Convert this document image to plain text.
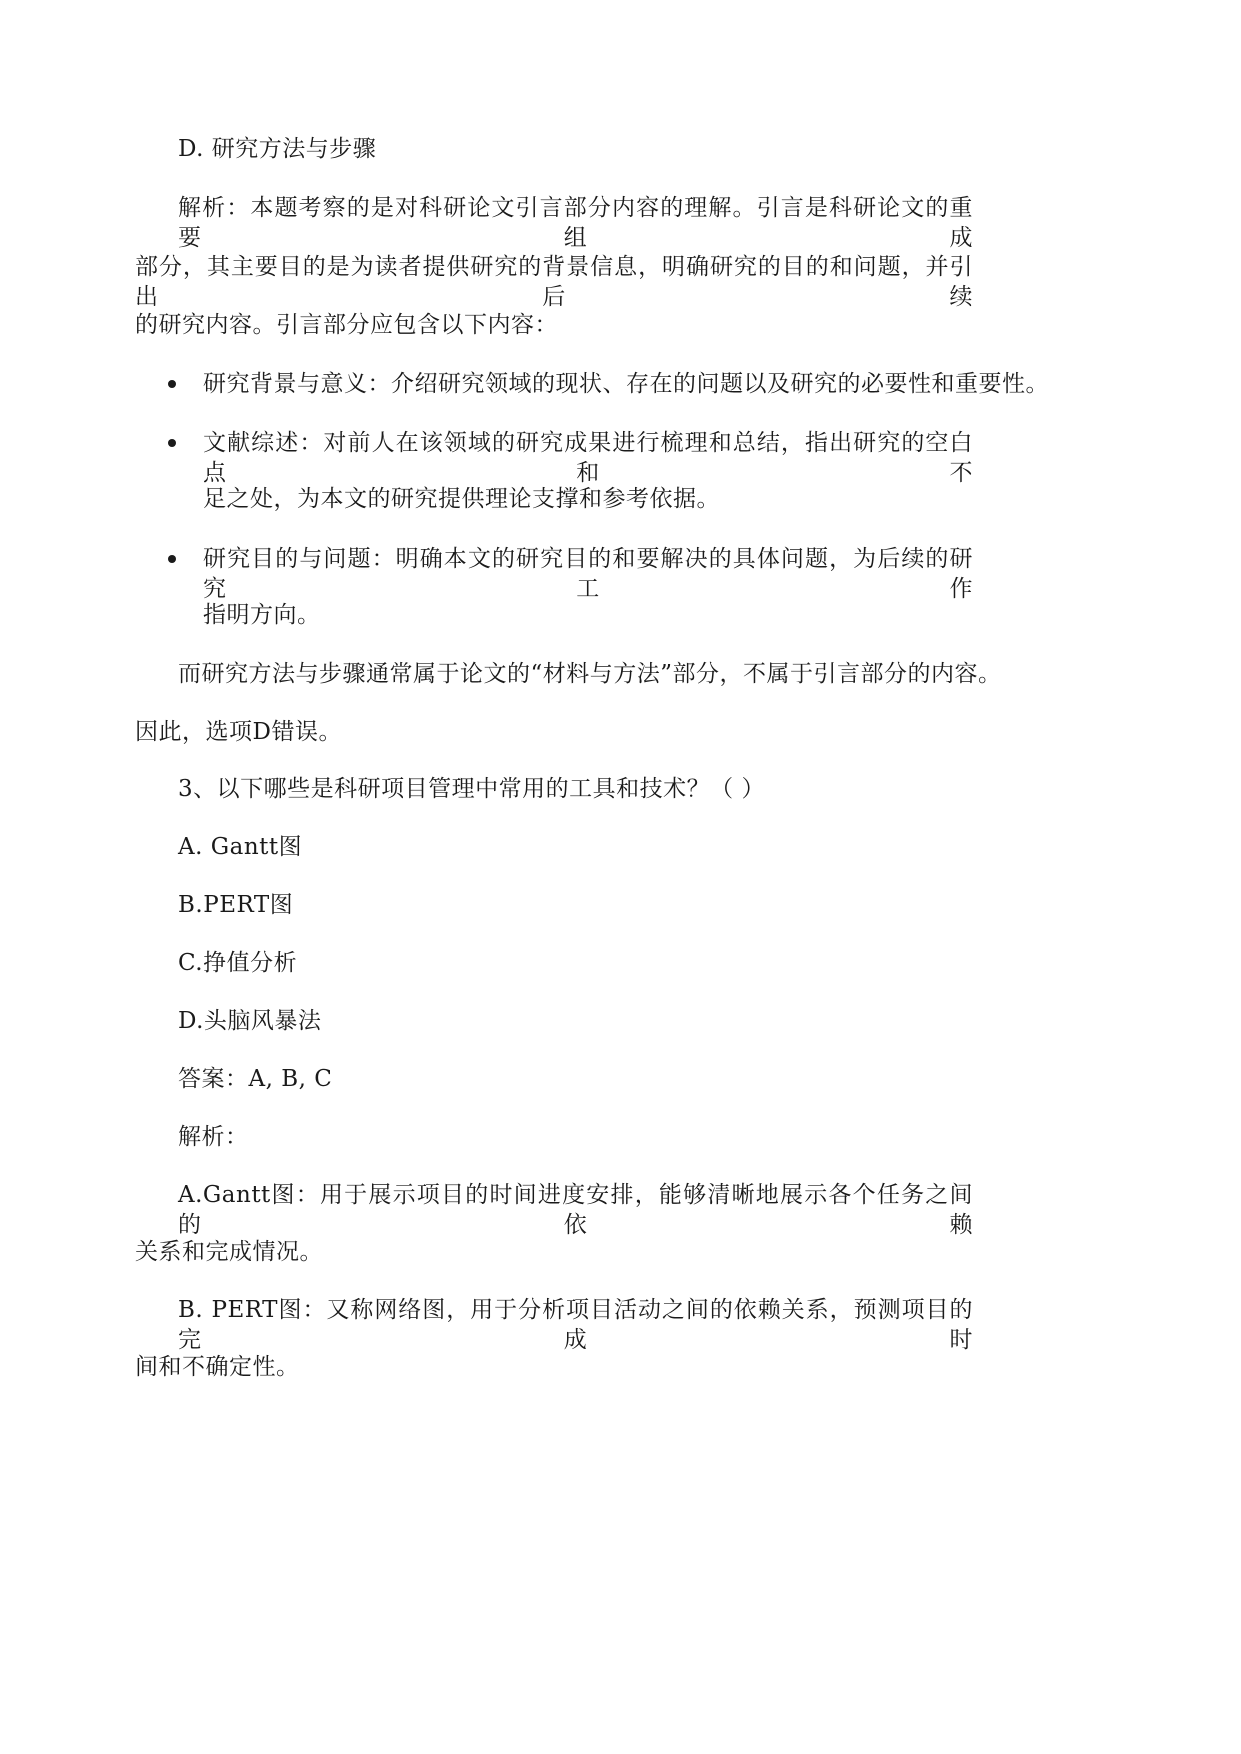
D. 研究方法与步骤
解析：本题考察的是对科研论文引言部分内容的理解。引言是科研论文的重要组成
部分，其主要目的是为读者提供研究的背景信息，明确研究的目的和问题，并引出后续
的研究内容。引言部分应包含以下内容：
研究背景与意义：介绍研究领域的现状、存在的问题以及研究的必要性和重要性。
文献综述：对前人在该领域的研究成果进行梳理和总结，指出研究的空白点和不
足之处，为本文的研究提供理论支撑和参考依据。
研究目的与问题：明确本文的研究目的和要解决的具体问题，为后续的研究工作
指明方向。
而研究方法与步骤通常属于论文的“材料与方法”部分，不属于引言部分的内容。
因此，选项D错误。
3、以下哪些是科研项目管理中常用的工具和技术？（ ）
A. Gantt图
B.PERT图
C.挣值分析
D.头脑风暴法
答案：A, B, C
解析：
A.Gantt图：用于展示项目的时间进度安排，能够清晰地展示各个任务之间的依赖
关系和完成情况。
B. PERT图：又称网络图，用于分析项目活动之间的依赖关系，预测项目的完成时
间和不确定性。
